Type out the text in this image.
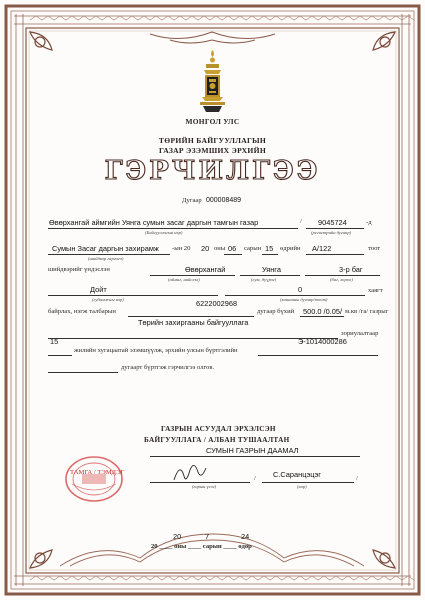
МОНГОЛ УЛС
ТӨРИЙН БАЙГУУЛЛАГЫН
ГАЗАР ЭЗЭМШИХ ЭРХИЙН
ГЭРЧИЛГЭЭ
Дугаар 000008489
Өвөрхангай аймгийн Уянга сумын засаг даргын тамгын газар	/ 9045724	-д
(Байгууллагын нэр)	(регистрийн дугаар)
Сумын Засаг даргын захирамж -ын 20 20 оны 06 сарын 15 өдрийн А/122	тоот
(шийдвэр гаргагч)
шийдвэрийг үндэслэн	Өвөрхангай	Уянга	3-р баг
(аймаг, нийслэл)	(сум, дүүрэг)	(баг, хороо)
Дойт	0	хаягт
(гудамжны нэр)	(хашааны дугаар/тоот)
6222002968
байрлах, нэгж талбарын	дугаар бүхий 500.0 /0.05/ м.кв /га/ газрыг
Төрийн захиргааны байгууллага
зориулалтаар
15	Э-1014000286
жилийн хугацаатай эзэмшүүлж, эрхийн улсын бүртгэлийн
дугаарт бүртгэж гэрчилгээ олгов.
ГАЗРЫН АСУУДАЛ ЭРХЭЛСЭН
БАЙГУУЛЛАГА / АЛБАН ТУШААЛТАН
СУМЫН ГАЗРЫН ДААМАЛ
/ С.Саранцэцэг	/
(гарын үсэг)	(нэр)
ТАМГА / ТЭМДЭГ
20	7	24
20 ____ оны ____ сарын ____ өдөр
